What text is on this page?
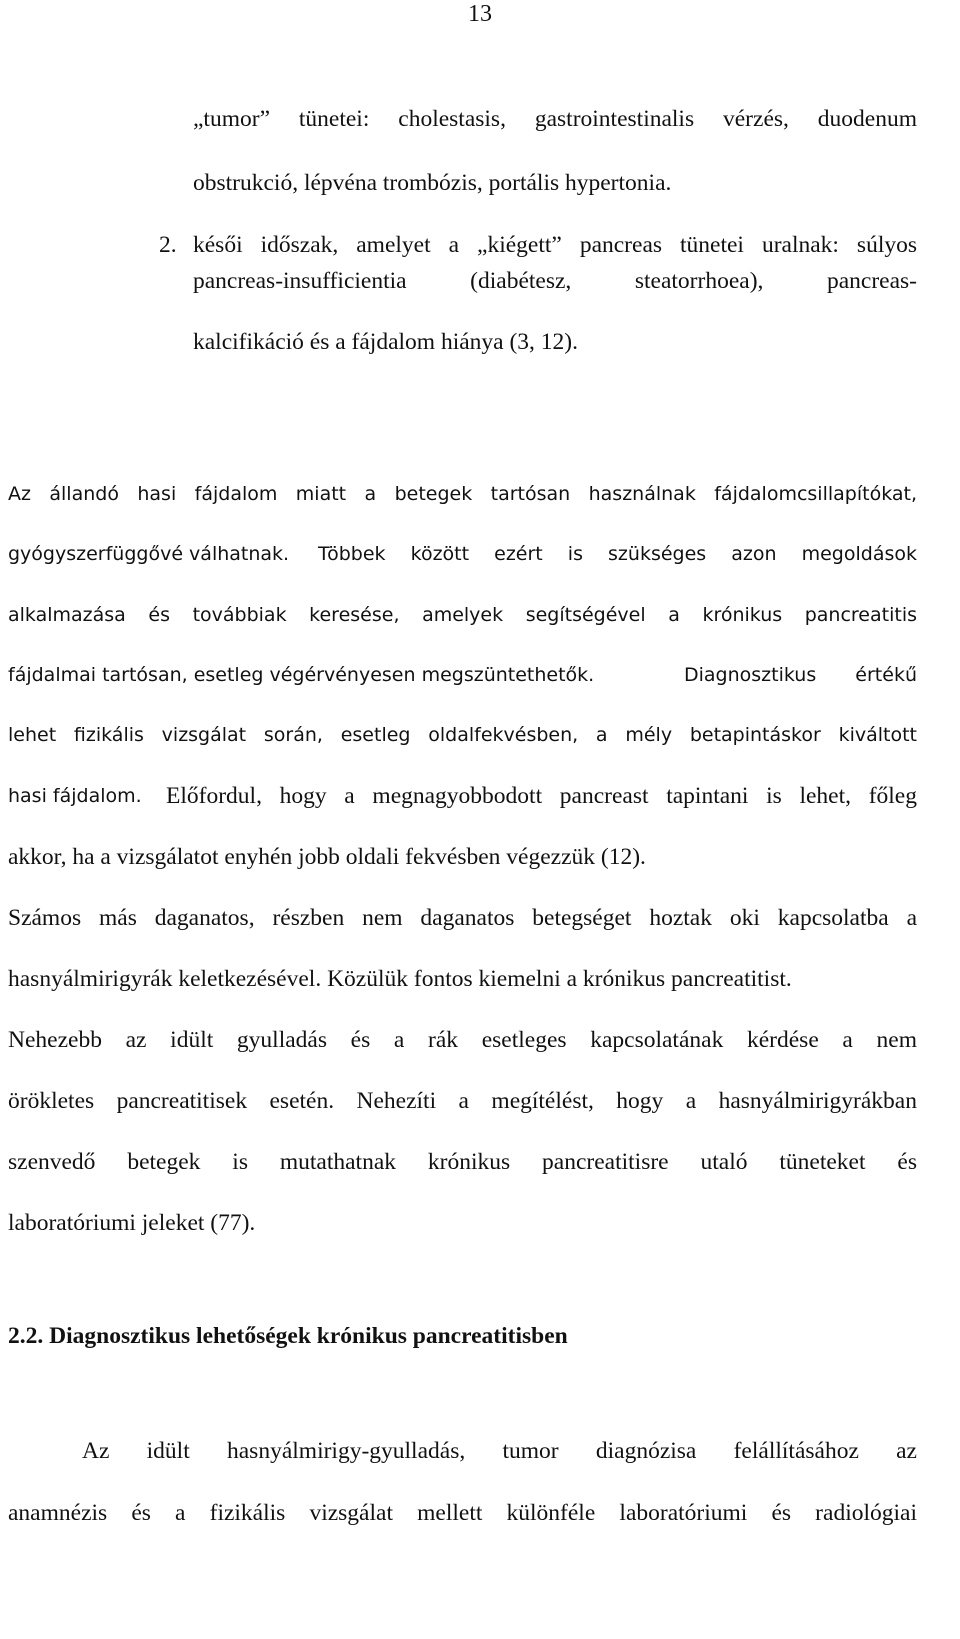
13
„tumor” tünetei: cholestasis, gastrointestinalis vérzés, duodenum
obstrukció, lépvéna trombózis, portális hypertonia.
2. késői időszak, amelyet a „kiégett” pancreas tünetei uralnak: súlyos
pancreas-insufficientia (diabétesz, steatorrhoea), pancreas-
kalcifikáció és a fájdalom hiánya (3, 12).
Az állandó hasi fájdalom miatt a betegek tartósan használnak fájdalomcsillapítókat,
gyógyszerfüggővé válhatnak. Többek között ezért is szükséges azon megoldások
alkalmazása és továbbiak keresése, amelyek segítségével a krónikus pancreatitis
fájdalmai tartósan, esetleg végérvényesen megszüntethetők.	Diagnosztikus értékű
lehet fizikális vizsgálat során, esetleg oldalfekvésben, a mély betapintáskor kiváltott
hasi fájdalom. Előfordul, hogy a megnagyobbodott pancreast tapintani is lehet, főleg
akkor, ha a vizsgálatot enyhén jobb oldali fekvésben végezzük (12).
Számos más daganatos, részben nem daganatos betegséget hoztak oki kapcsolatba a
hasnyálmirigyrák keletkezésével. Közülük fontos kiemelni a krónikus pancreatitist.
Nehezebb az idült gyulladás és a rák esetleges kapcsolatának kérdése a nem
örökletes pancreatitisek esetén. Nehezíti a megítélést, hogy a hasnyálmirigyrákban
szenvedő betegek is mutathatnak krónikus pancreatitisre utaló tüneteket és
laboratóriumi jeleket (77).
2.2. Diagnosztikus lehetőségek krónikus pancreatitisben
Az idült hasnyálmirigy-gyulladás, tumor diagnózisa felállításához az
anamnézis és a fizikális vizsgálat mellett különféle laboratóriumi és radiológiai
